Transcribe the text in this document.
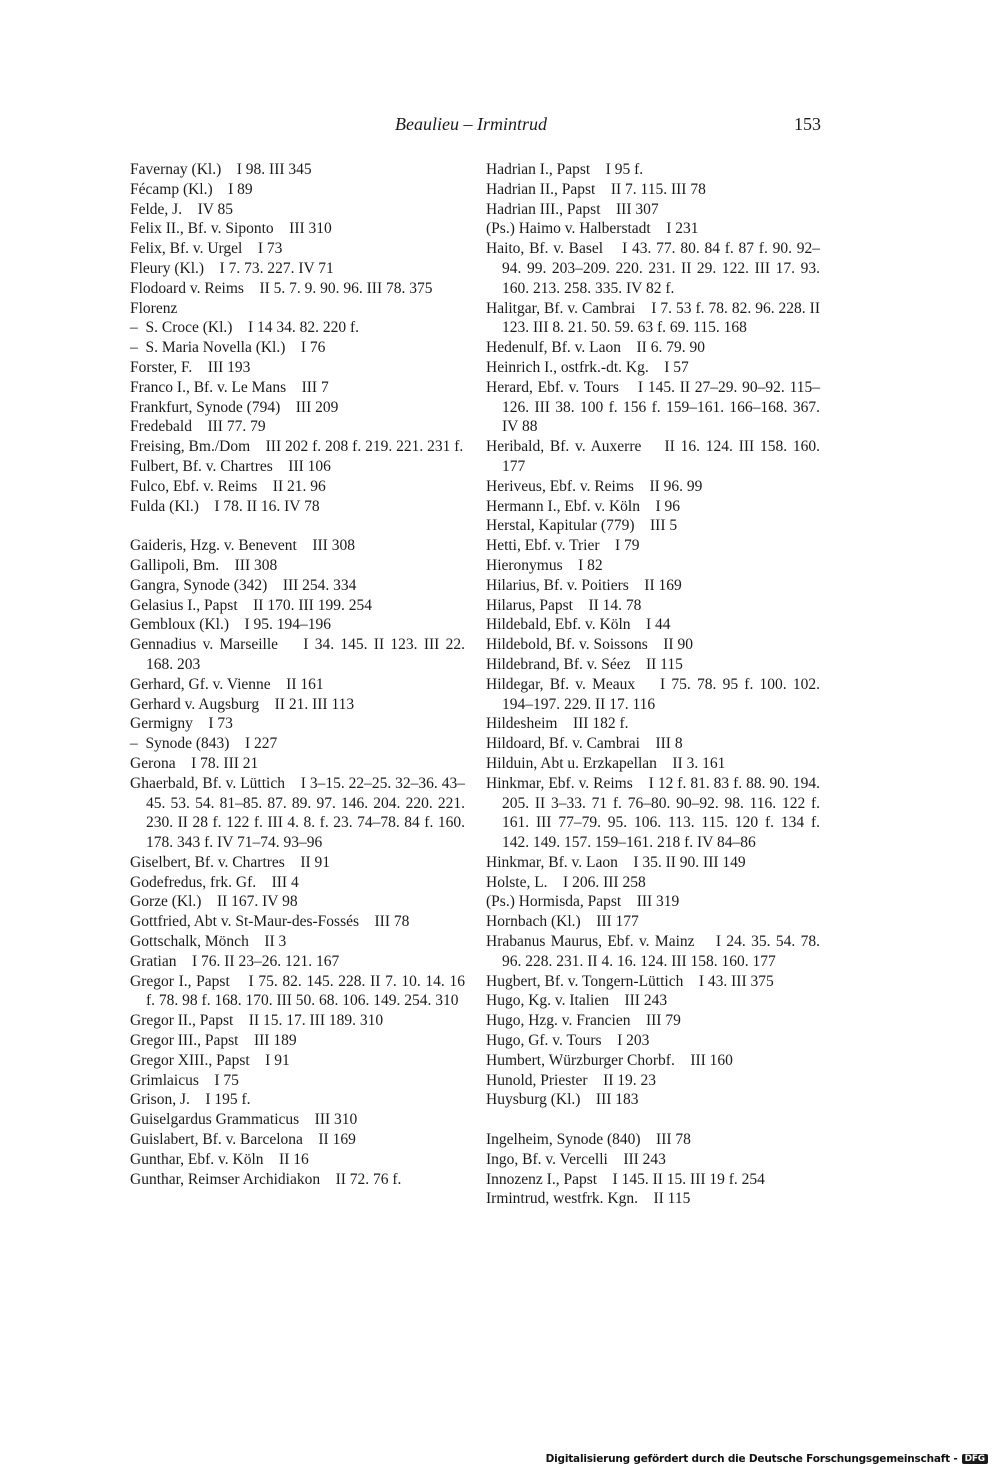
Beaulieu – Irmintrud	153

Favernay (Kl.)    I 98. III 345

Fécamp (Kl.)    I 89

Felde, J.    IV 85

Felix II., Bf. v. Siponto    III 310

Felix, Bf. v. Urgel    I 73

Fleury (Kl.)    I 7. 73. 227. IV 71

Flodoard v. Reims    II 5. 7. 9. 90. 96. III 78. 375

Florenz

–  S. Croce (Kl.)    I 14 34. 82. 220 f.

–  S. Maria Novella (Kl.)    I 76

Forster, F.    III 193

Franco I., Bf. v. Le Mans    III 7

Frankfurt, Synode (794)    III 209

Fredebald    III 77. 79

Freising, Bm./Dom    III 202 f. 208 f. 219. 221. 231 f.

Fulbert, Bf. v. Chartres    III 106

Fulco, Ebf. v. Reims    II 21. 96

Fulda (Kl.)    I 78. II 16. IV 78

Gaideris, Hzg. v. Benevent    III 308

Gallipoli, Bm.    III 308

Gangra, Synode (342)    III 254. 334

Gelasius I., Papst    II 170. III 199. 254

Gembloux (Kl.)    I 95. 194–196

Gennadius v. Marseille    I 34. 145. II 123. III 22. 168. 203

Gerhard, Gf. v. Vienne    II 161

Gerhard v. Augsburg    II 21. III 113

Germigny    I 73

–  Synode (843)    I 227

Gerona    I 78. III 21

Ghaerbald, Bf. v. Lüttich    I 3–15. 22–25. 32–36. 43–45. 53. 54. 81–85. 87. 89. 97. 146. 204. 220. 221. 230. II 28 f. 122 f. III 4. 8. f. 23. 74–78. 84 f. 160. 178. 343 f. IV 71–74. 93–96

Giselbert, Bf. v. Chartres    II 91

Godefredus, frk. Gf.    III 4

Gorze (Kl.)    II 167. IV 98

Gottfried, Abt v. St-Maur-des-Fossés    III 78

Gottschalk, Mönch    II 3

Gratian    I 76. II 23–26. 121. 167

Gregor I., Papst    I 75. 82. 145. 228. II 7. 10. 14. 16 f. 78. 98 f. 168. 170. III 50. 68. 106. 149. 254. 310

Gregor II., Papst    II 15. 17. III 189. 310

Gregor III., Papst    III 189

Gregor XIII., Papst    I 91

Grimlaicus    I 75

Grison, J.    I 195 f.

Guiselgardus Grammaticus    III 310

Guislabert, Bf. v. Barcelona    II 169

Gunthar, Ebf. v. Köln    II 16

Gunthar, Reimser Archidiakon    II 72. 76 f.

Hadrian I., Papst    I 95 f.

Hadrian II., Papst    II 7. 115. III 78

Hadrian III., Papst    III 307

(Ps.) Haimo v. Halberstadt    I 231

Haito, Bf. v. Basel    I 43. 77. 80. 84 f. 87 f. 90. 92–94. 99. 203–209. 220. 231. II 29. 122. III 17. 93. 160. 213. 258. 335. IV 82 f.

Halitgar, Bf. v. Cambrai    I 7. 53 f. 78. 82. 96. 228. II 123. III 8. 21. 50. 59. 63 f. 69. 115. 168

Hedenulf, Bf. v. Laon    II 6. 79. 90

Heinrich I., ostfrk.-dt. Kg.    I 57

Herard, Ebf. v. Tours    I 145. II 27–29. 90–92. 115–126. III 38. 100 f. 156 f. 159–161. 166–168. 367. IV 88

Heribald, Bf. v. Auxerre    II 16. 124. III 158. 160. 177

Heriveus, Ebf. v. Reims    II 96. 99

Hermann I., Ebf. v. Köln    I 96

Herstal, Kapitular (779)    III 5

Hetti, Ebf. v. Trier    I 79

Hieronymus    I 82

Hilarius, Bf. v. Poitiers    II 169

Hilarus, Papst    II 14. 78

Hildebald, Ebf. v. Köln    I 44

Hildebold, Bf. v. Soissons    II 90

Hildebrand, Bf. v. Séez    II 115

Hildegar, Bf. v. Meaux    I 75. 78. 95 f. 100. 102. 194–197. 229. II 17. 116

Hildesheim    III 182 f.

Hildoard, Bf. v. Cambrai    III 8

Hilduin, Abt u. Erzkapellan    II 3. 161

Hinkmar, Ebf. v. Reims    I 12 f. 81. 83 f. 88. 90. 194. 205. II 3–33. 71 f. 76–80. 90–92. 98. 116. 122 f. 161. III 77–79. 95. 106. 113. 115. 120 f. 134 f. 142. 149. 157. 159–161. 218 f. IV 84–86

Hinkmar, Bf. v. Laon    I 35. II 90. III 149

Holste, L.    I 206. III 258

(Ps.) Hormisda, Papst    III 319

Hornbach (Kl.)    III 177

Hrabanus Maurus, Ebf. v. Mainz    I 24. 35. 54. 78. 96. 228. 231. II 4. 16. 124. III 158. 160. 177

Hugbert, Bf. v. Tongern-Lüttich    I 43. III 375

Hugo, Kg. v. Italien    III 243

Hugo, Hzg. v. Francien    III 79

Hugo, Gf. v. Tours    I 203

Humbert, Würzburger Chorbf.    III 160

Hunold, Priester    II 19. 23

Huysburg (Kl.)    III 183

Ingelheim, Synode (840)    III 78

Ingo, Bf. v. Vercelli    III 243

Innozenz I., Papst    I 145. II 15. III 19 f. 254

Irmintrud, westfrk. Kgn.    II 115

Digitalisierung gefördert durch die Deutsche Forschungsgemeinschaft - DFG
